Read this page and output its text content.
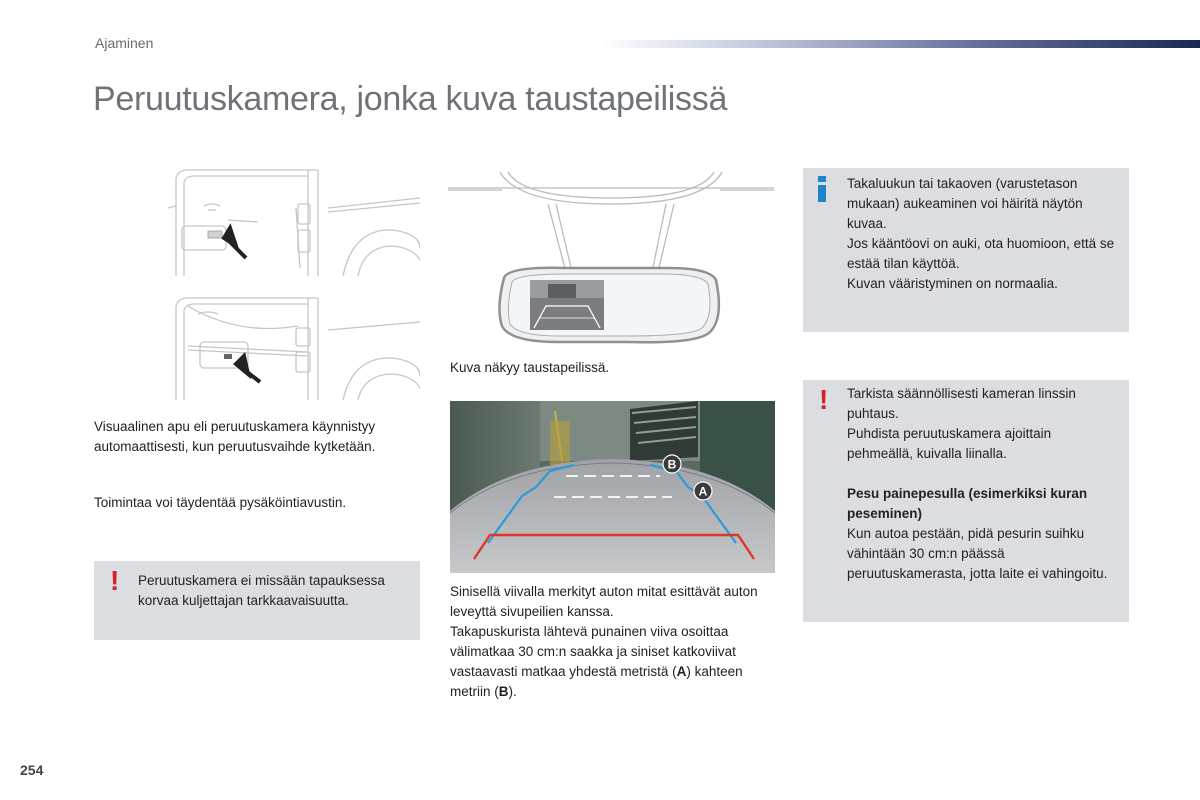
Ajaminen
Peruutuskamera, jonka kuva taustapeilissä

Visuaalinen apu eli peruutuskamera käynnistyy automaattisesti, kun peruutusvaihde kytketään.

Toimintaa voi täydentää pysäköintiavustin.

! Peruutuskamera ei missään tapauksessa korvaa kuljettajan tarkkaavaisuutta.

Kuva näkyy taustapeilissä.
B
A

Sinisellä viivalla merkityt auton mitat esittävät auton leveyttä sivupeilien kanssa.

Takapuskurista lähtevä punainen viiva osoittaa välimatkaa 30 cm:n saakka ja siniset katkoviivat vastaavasti matkaa yhdestä metristä (A) kahteen metriin (B).

Takaluukun tai takaoven (varustetason mukaan) aukeaminen voi häiritä näytön kuvaa.

Jos kääntöovi on auki, ota huomioon, että se estää tilan käyttöä.

Kuvan vääristyminen on normaalia.

! Tarkista säännöllisesti kameran linssin puhtaus.

Puhdista peruutuskamera ajoittain pehmeällä, kuivalla liinalla.

Pesu painepesulla (esimerkiksi kuran peseminen)

Kun autoa pestään, pidä pesurin suihku vähintään 30 cm:n päässä peruutuskamerasta, jotta laite ei vahingoitu.

254
